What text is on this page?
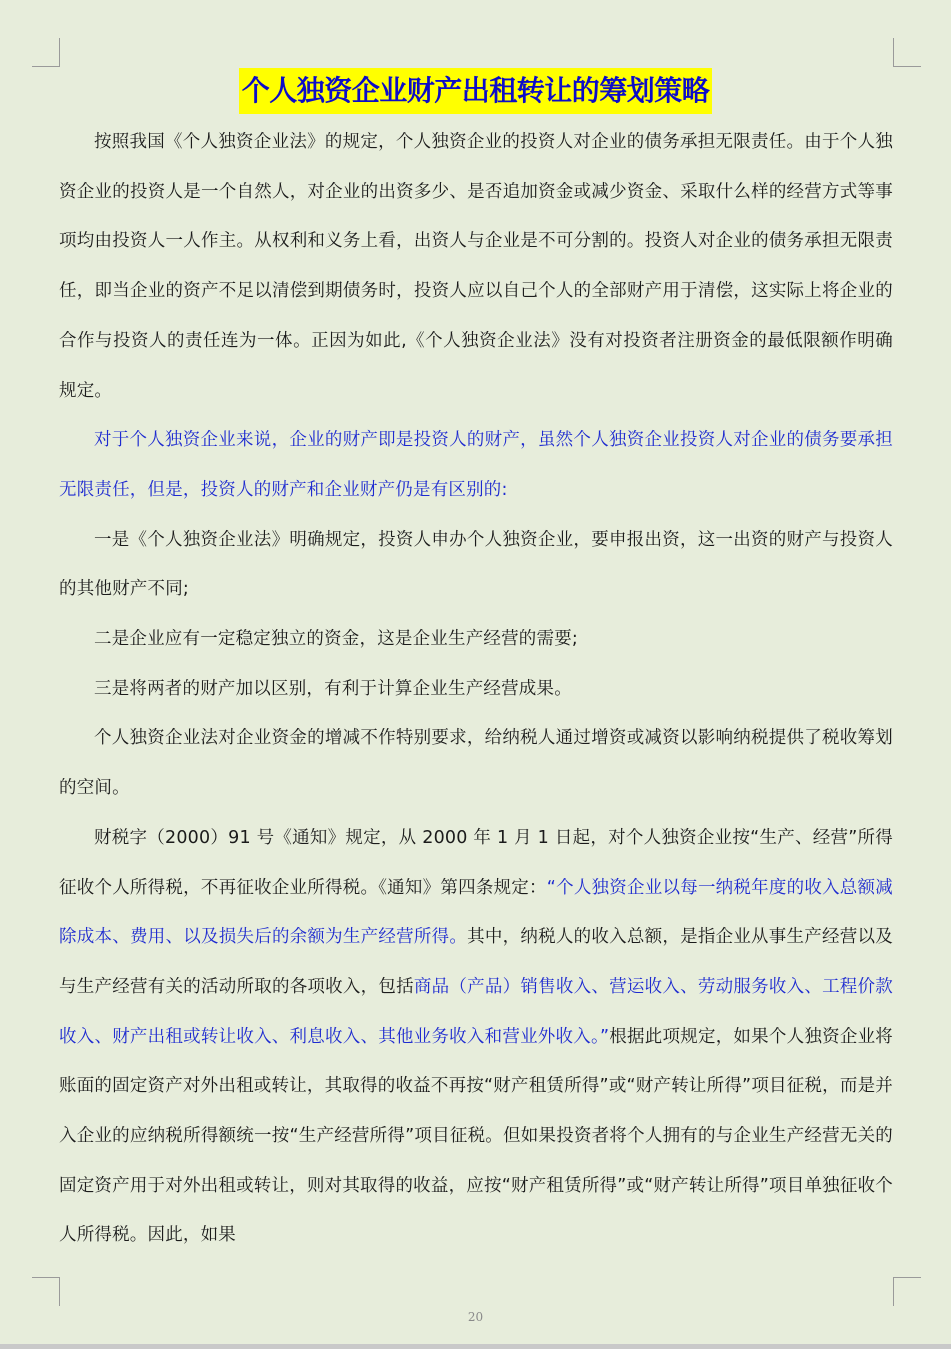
个人独资企业财产出租转让的筹划策略

按照我国《个人独资企业法》的规定，个人独资企业的投资人对企业的债务承担无限责任。由于个人独资企业的投资人是一个自然人，对企业的出资多少、是否追加资金或减少资金、采取什么样的经营方式等事项均由投资人一人作主。从权利和义务上看，出资人与企业是不可分割的。投资人对企业的债务承担无限责任，即当企业的资产不足以清偿到期债务时，投资人应以自己个人的全部财产用于清偿，这实际上将企业的合作与投资人的责任连为一体。正因为如此,《个人独资企业法》没有对投资者注册资金的最低限额作明确规定。

对于个人独资企业来说，企业的财产即是投资人的财产，虽然个人独资企业投资人对企业的债务要承担无限责任，但是，投资人的财产和企业财产仍是有区别的:

一是《个人独资企业法》明确规定，投资人申办个人独资企业，要申报出资，这一出资的财产与投资人的其他财产不同;

二是企业应有一定稳定独立的资金，这是企业生产经营的需要;

三是将两者的财产加以区别，有利于计算企业生产经营成果。

个人独资企业法对企业资金的增减不作特别要求，给纳税人通过增资或减资以影响纳税提供了税收筹划的空间。

财税字（2000）91 号《通知》规定，从 2000 年 1 月 1 日起，对个人独资企业按“生产、经营”所得征收个人所得税，不再征收企业所得税。《通知》第四条规定：“个人独资企业以每一纳税年度的收入总额减除成本、费用、以及损失后的余额为生产经营所得。其中，纳税人的收入总额，是指企业从事生产经营以及与生产经营有关的活动所取的各项收入，包括商品（产品）销售收入、营运收入、劳动服务收入、工程价款收入、财产出租或转让收入、利息收入、其他业务收入和营业外收入。”根据此项规定，如果个人独资企业将账面的固定资产对外出租或转让，其取得的收益不再按“财产租赁所得”或“财产转让所得”项目征税，而是并入企业的应纳税所得额统一按“生产经营所得”项目征税。但如果投资者将个人拥有的与企业生产经营无关的固定资产用于对外出租或转让，则对其取得的收益，应按“财产租赁所得”或“财产转让所得”项目单独征收个人所得税。因此，如果

20
